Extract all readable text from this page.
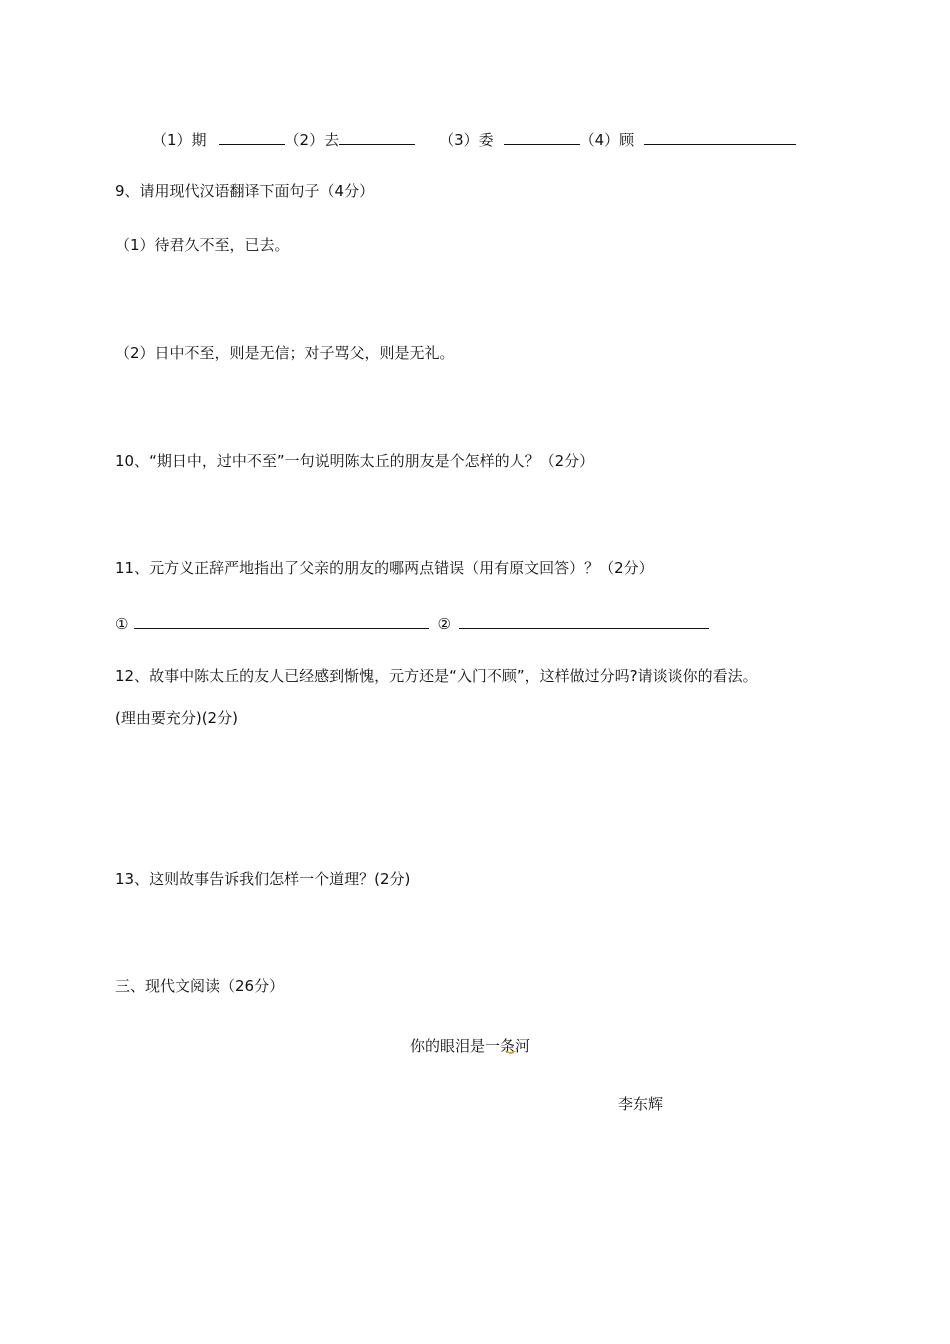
（1）期	（2）去	（3）委	（4）顾
9、请用现代汉语翻译下面句子（4分）
（1）待君久不至，已去。
（2）日中不至，则是无信；对子骂父，则是无礼。
10、“期日中，过中不至”一句说明陈太丘的朋友是个怎样的人？（2分）
11、元方义正辞严地指出了父亲的朋友的哪两点错误（用有原文回答）？（2分）
①	②
12、故事中陈太丘的友人已经感到惭愧，元方还是“入门不顾”，这样做过分吗?请谈谈你的看法。
(理由要充分)(2分)
13、这则故事告诉我们怎样一个道理？(2分)
三、现代文阅读（26分）
你的眼泪是一条河
李东辉
